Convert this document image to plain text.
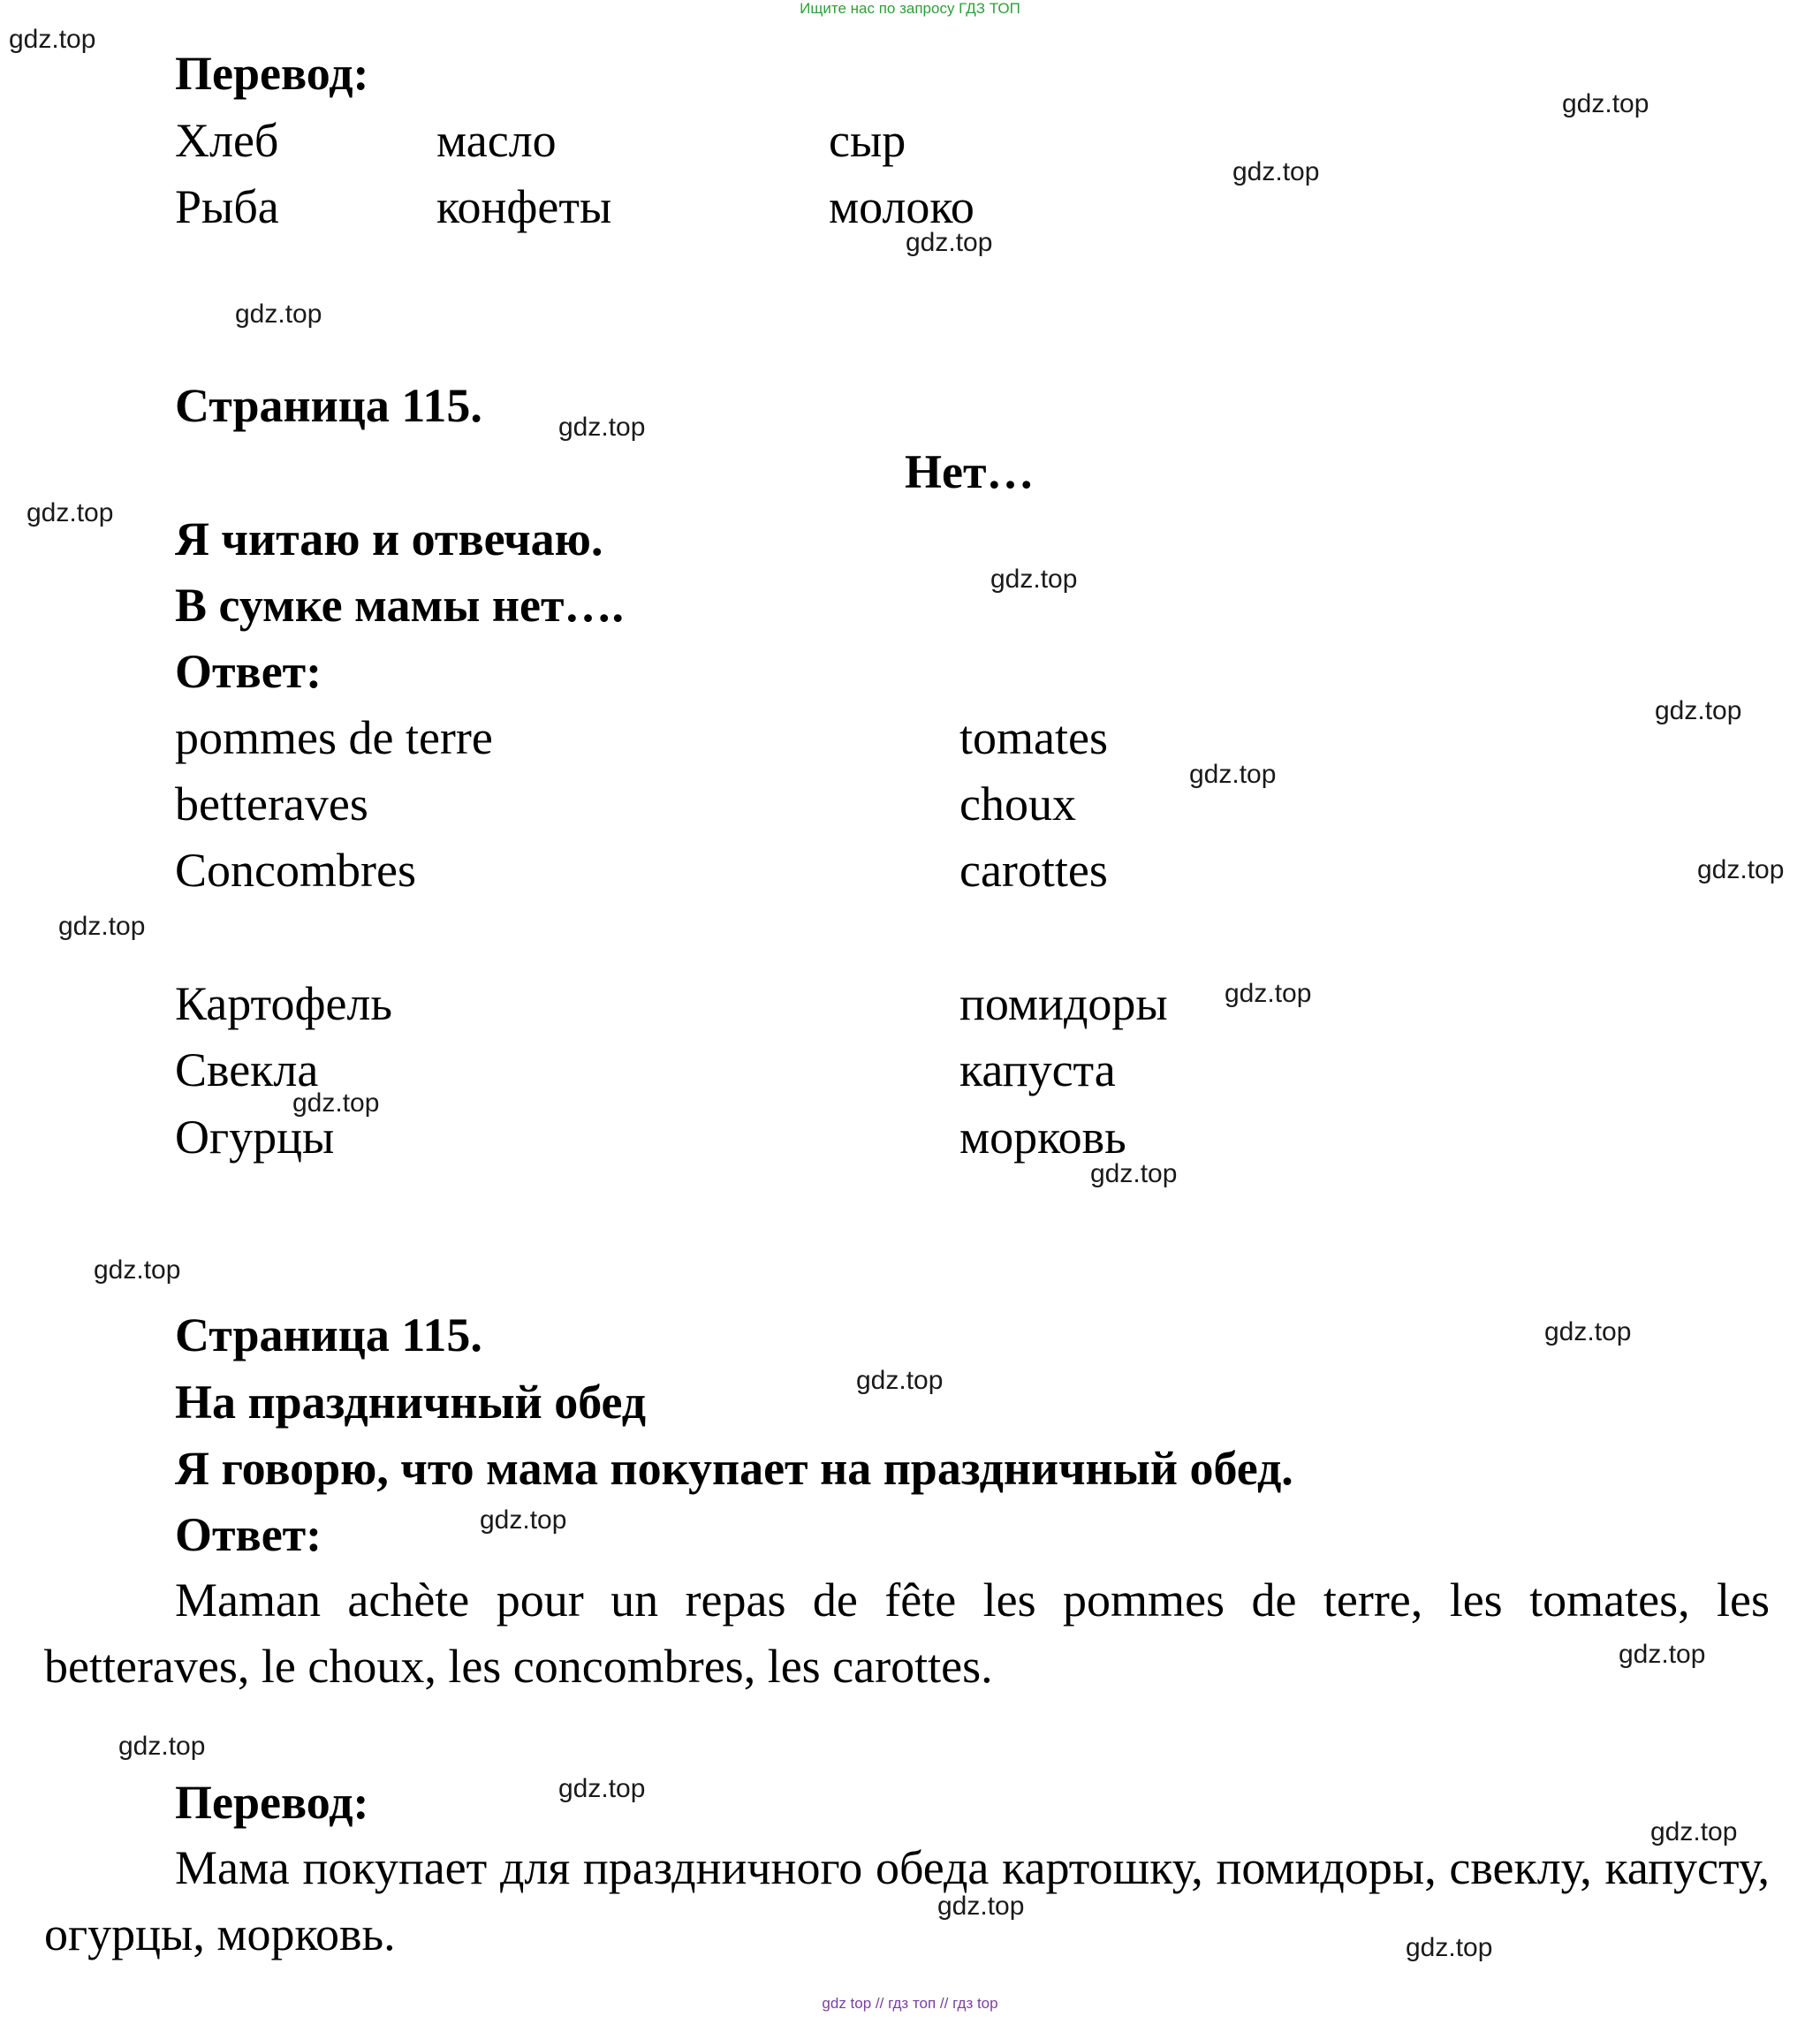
Ищите нас по запросу ГДЗ ТОП
Перевод:
Хлеб	масло	сыр
Рыба	конфеты	молоко
Страница 115.
Нет…
Я читаю и отвечаю.
В сумке мамы нет….
Ответ:
pommes de terre	tomates
betteraves	choux
Concombres	carottes
Картофель	помидоры
Свекла	капуста
Огурцы	морковь
Страница 115.
На праздничный обед
Я говорю, что мама покупает на праздничный обед.
Ответ:
Maman achète pour un repas de fête les pommes de terre, les tomates, les betteraves, le choux, les concombres, les carottes.
Перевод:
Мама покупает для праздничного обеда картошку, помидоры, свеклу, капусту, огурцы, морковь.
gdz.top
gdz.top
gdz.top
gdz.top
gdz.top
gdz.top
gdz.top
gdz.top
gdz.top
gdz.top
gdz.top
gdz.top
gdz.top
gdz.top
gdz.top
gdz.top
gdz.top
gdz.top
gdz.top
gdz.top
gdz.top
gdz.top
gdz.top
gdz.top
gdz.top
gdz top // гдз топ // гдз top
